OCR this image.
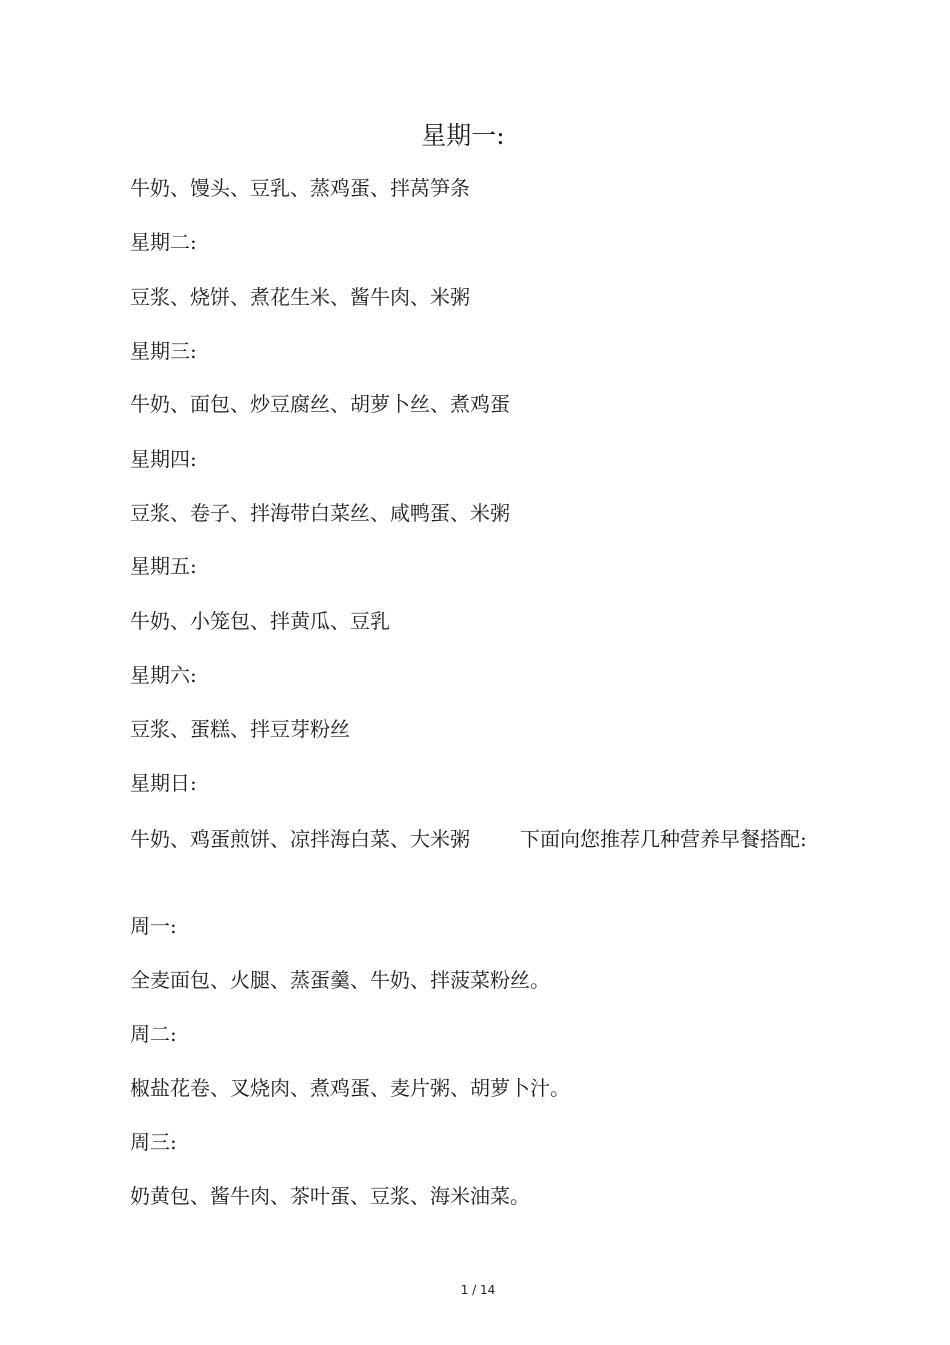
星期一:
牛奶、馒头、豆乳、蒸鸡蛋、拌莴笋条
星期二:
豆浆、烧饼、煮花生米、酱牛肉、米粥
星期三:
牛奶、面包、炒豆腐丝、胡萝卜丝、煮鸡蛋
星期四:
豆浆、卷子、拌海带白菜丝、咸鸭蛋、米粥
星期五:
牛奶、小笼包、拌黄瓜、豆乳
星期六:
豆浆、蛋糕、拌豆芽粉丝
星期日:
牛奶、鸡蛋煎饼、凉拌海白菜、大米粥	下面向您推荐几种营养早餐搭配:
周一:
全麦面包、火腿、蒸蛋羹、牛奶、拌菠菜粉丝。
周二:
椒盐花卷、叉烧肉、煮鸡蛋、麦片粥、胡萝卜汁。
周三:
奶黄包、酱牛肉、茶叶蛋、豆浆、海米油菜。
1 / 14
